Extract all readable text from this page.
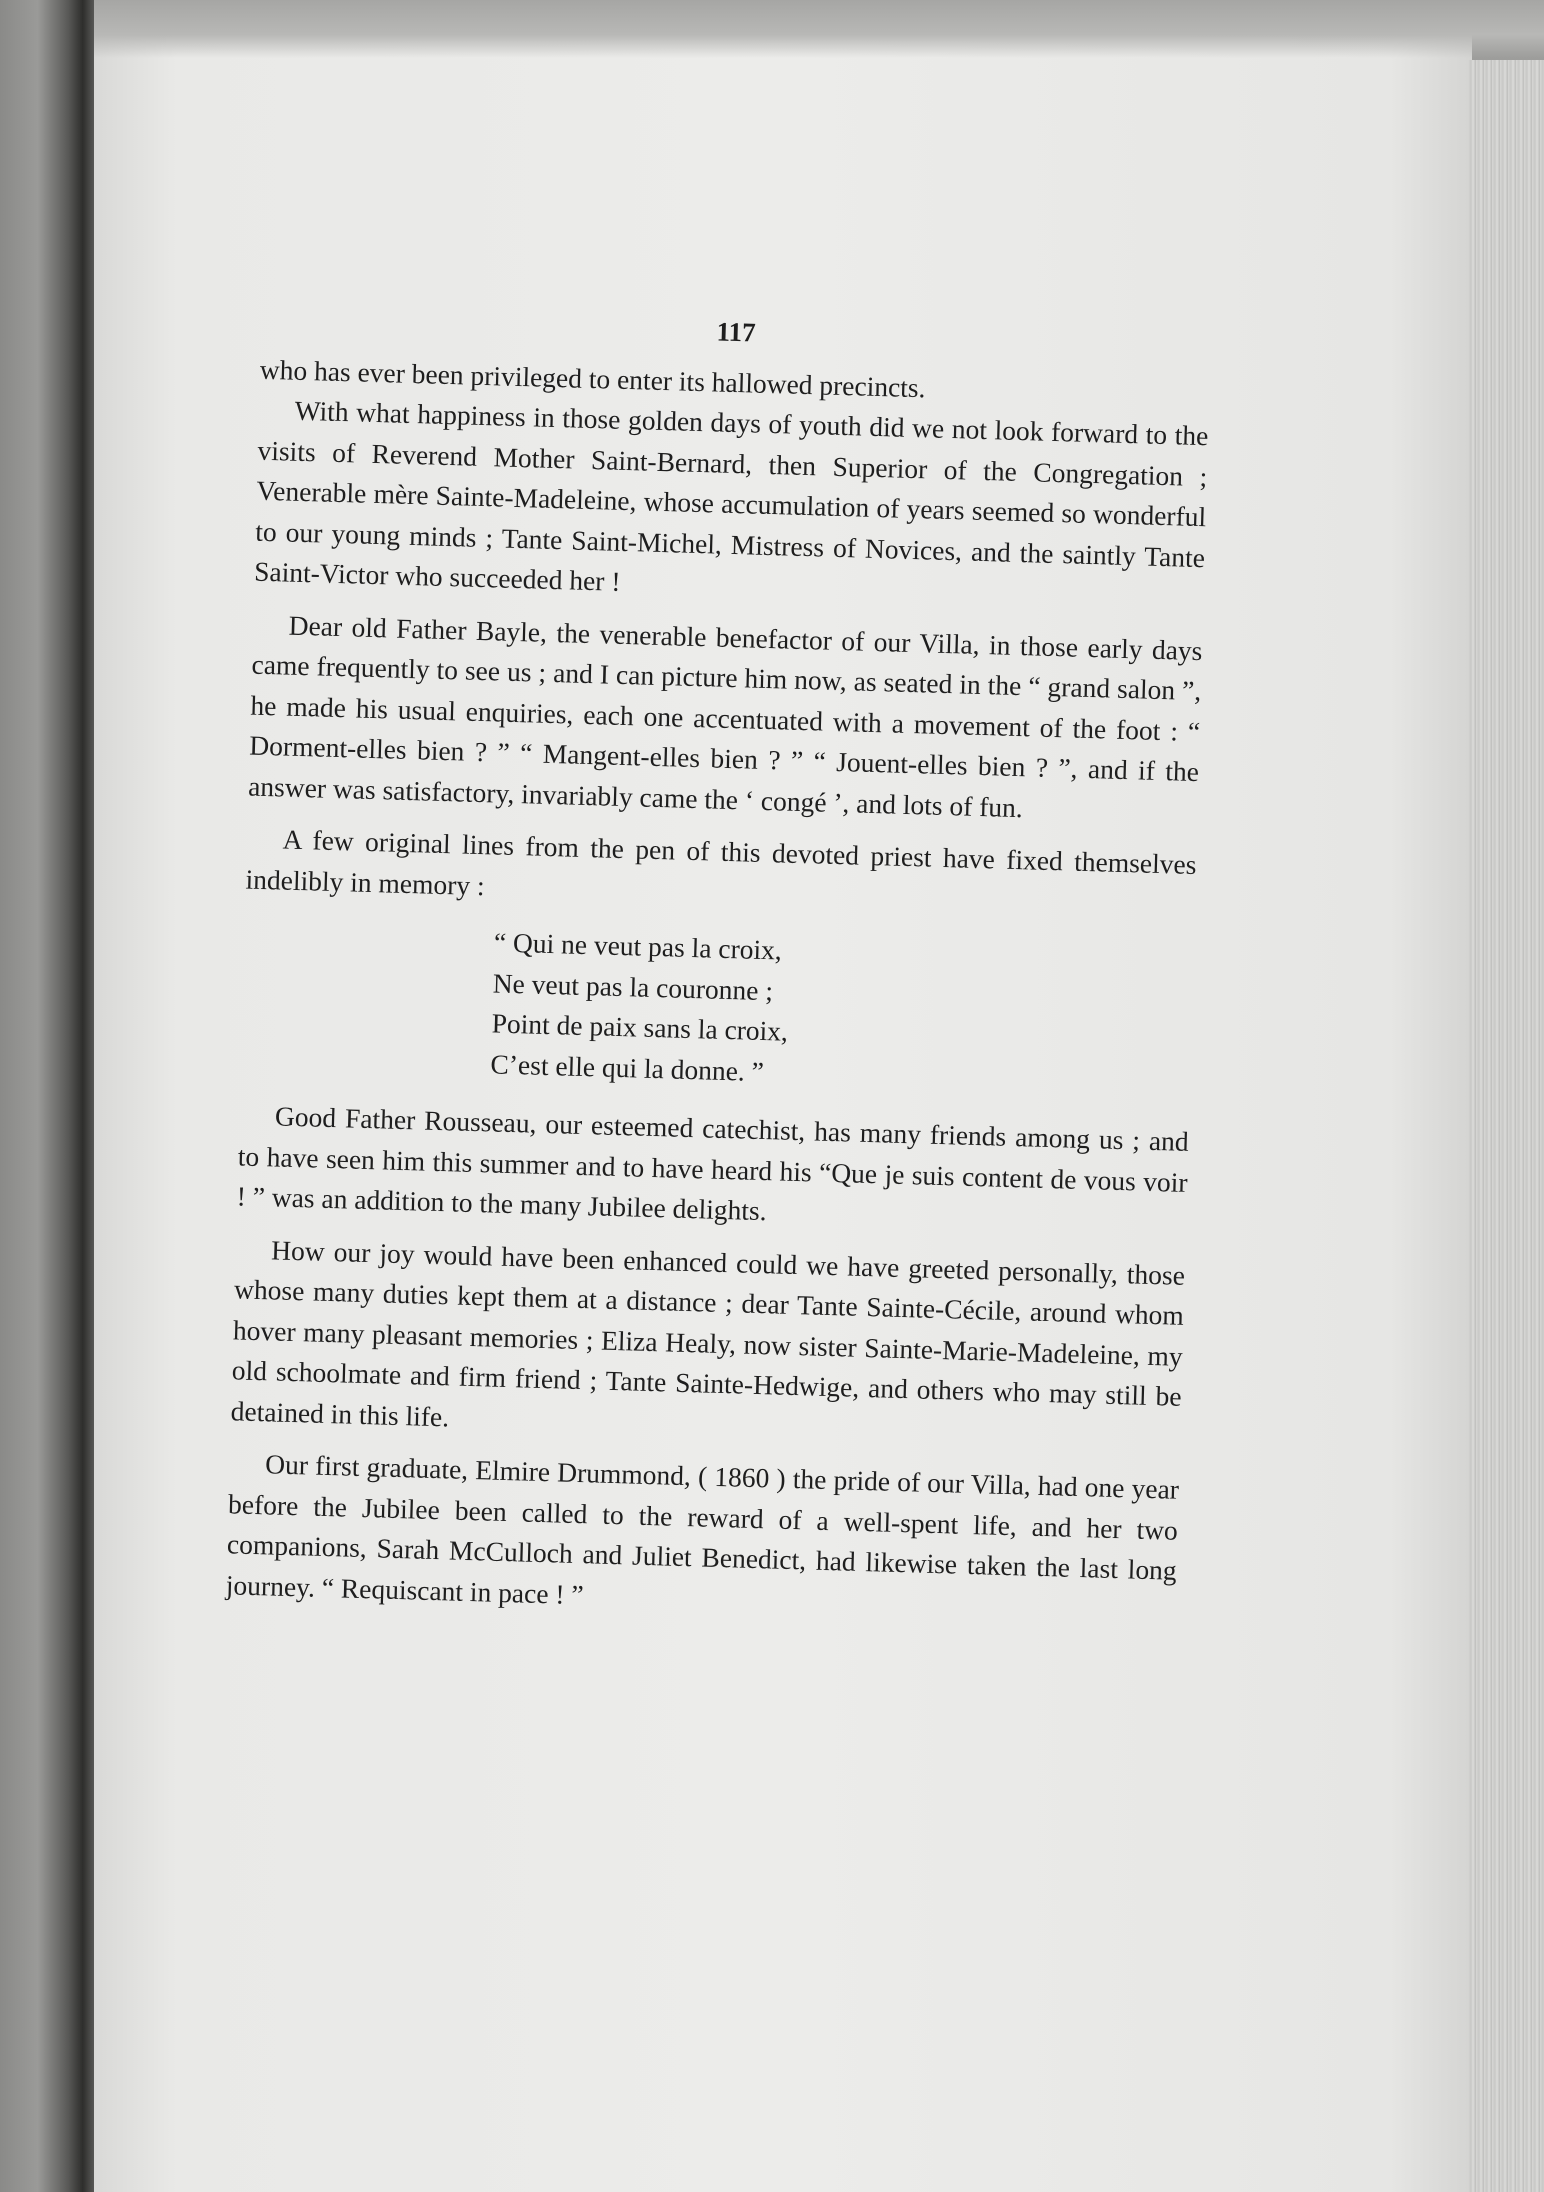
117

who has ever been privileged to enter its hallowed precincts.

With what happiness in those golden days of youth did we not look forward to the visits of Reverend Mother Saint-Bernard, then Superior of the Congregation ; Venerable mère Sainte-Madeleine, whose accumulation of years seemed so wonderful to our young minds ; Tante Saint-Michel, Mistress of Novices, and the saintly Tante Saint-Victor who succeeded her !

Dear old Father Bayle, the venerable benefactor of our Villa, in those early days came frequently to see us ; and I can picture him now, as seated in the “ grand salon ”, he made his usual enquiries, each one accentuated with a movement of the foot : “ Dorment-elles bien ? ” “ Mangent-elles bien ? ” “ Jouent-elles bien ? ”, and if the answer was satisfactory, invariably came the ‘ congé ’, and lots of fun.

A few original lines from the pen of this devoted priest have fixed themselves indelibly in memory :

“ Qui ne veut pas la croix,
Ne veut pas la couronne ;
Point de paix sans la croix,
C’est elle qui la donne. ”

Good Father Rousseau, our esteemed catechist, has many friends among us ; and to have seen him this summer and to have heard his “Que je suis content de vous voir ! ” was an addition to the many Jubilee delights.

How our joy would have been enhanced could we have greeted personally, those whose many duties kept them at a distance ; dear Tante Sainte-Cécile, around whom hover many pleasant memories ; Eliza Healy, now sister Sainte-Marie-Madeleine, my old schoolmate and firm friend ; Tante Sainte-Hedwige, and others who may still be detained in this life.

Our first graduate, Elmire Drummond, ( 1860 ) the pride of our Villa, had one year before the Jubilee been called to the reward of a well-spent life, and her two companions, Sarah McCulloch and Juliet Benedict, had likewise taken the last long journey. “ Requiscant in pace ! ”
